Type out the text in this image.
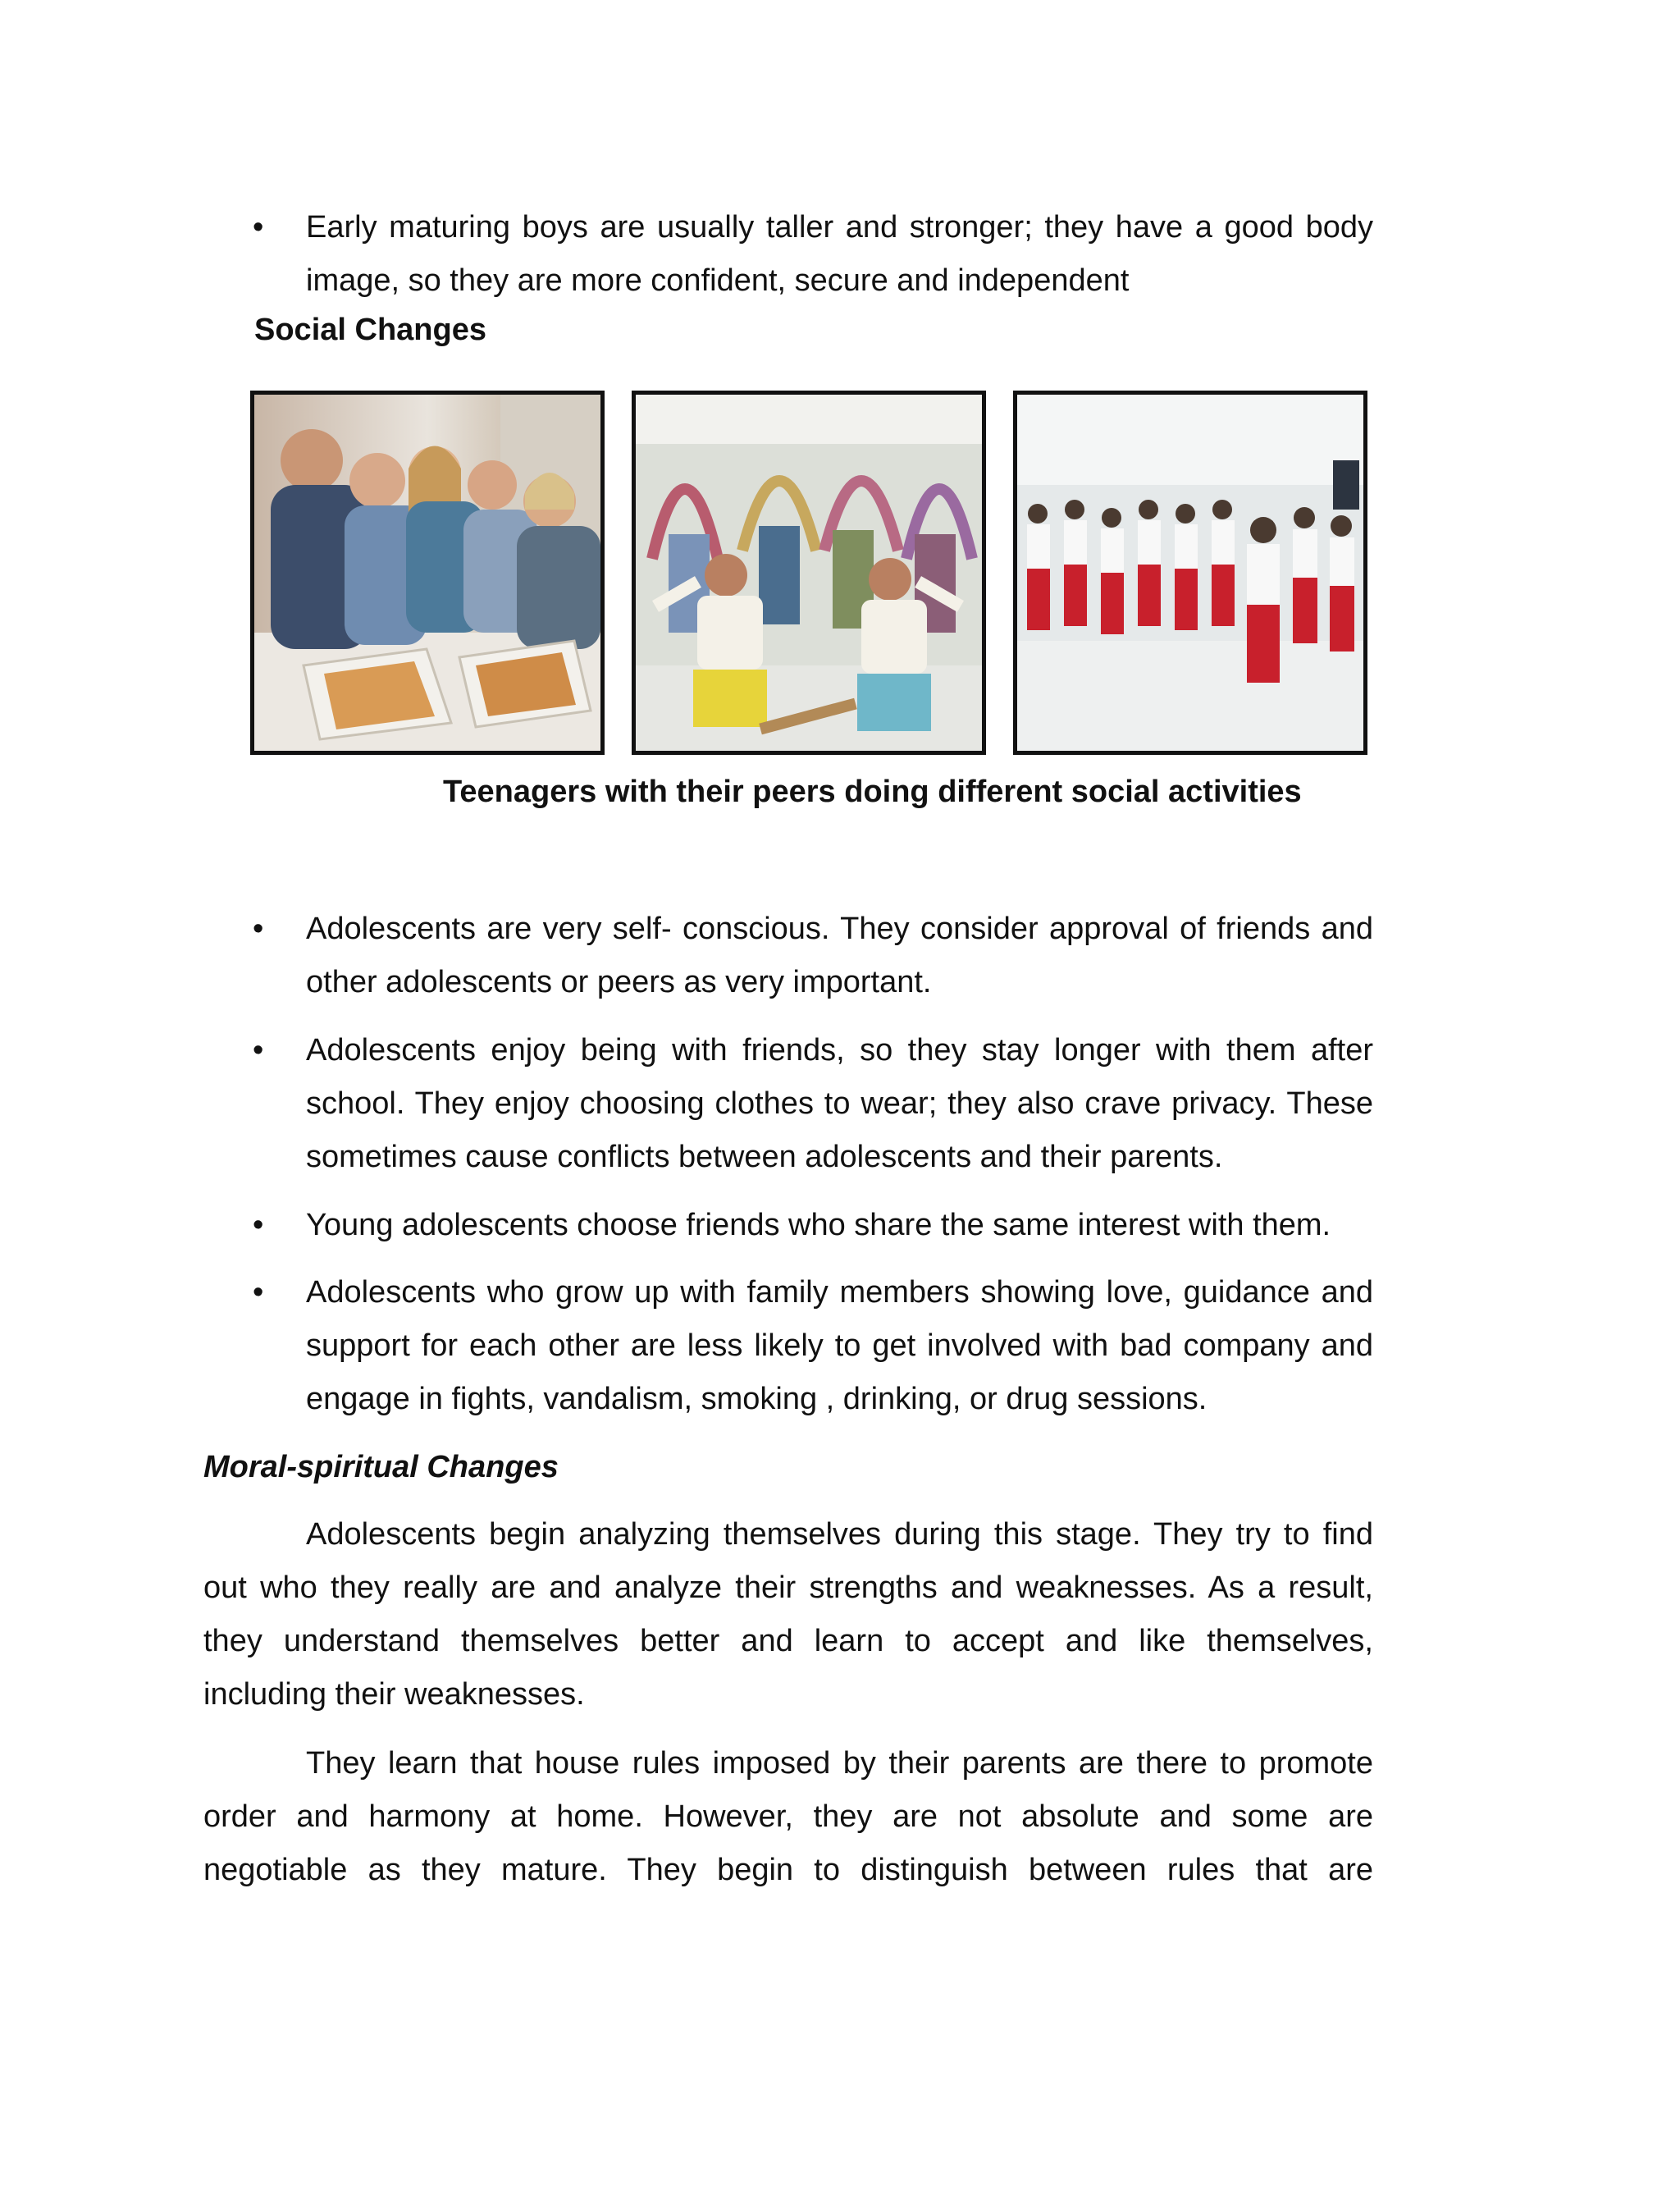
• Early maturing boys are usually taller and stronger; they have a good body image, so they are more confident, secure and independent
Social Changes
Teenagers with their peers doing different social activities
• Adolescents are very self- conscious. They consider approval of friends and other adolescents or peers as very important.
• Adolescents enjoy being with friends, so they stay longer with them after school. They enjoy choosing clothes to wear; they also crave privacy. These sometimes cause conflicts between adolescents and their parents.
• Young adolescents choose friends who share the same interest with them.
• Adolescents who grow up with family members showing love, guidance and support for each other are less likely to get involved with bad company and engage in fights, vandalism, smoking , drinking, or drug sessions.
Moral-spiritual Changes
Adolescents begin analyzing themselves during this stage. They try to find out who they really are and analyze their strengths and weaknesses. As a result, they understand themselves better and learn to accept and like themselves, including their weaknesses.
They learn that house rules imposed by their parents are there to promote order and harmony at home. However, they are not absolute and some are negotiable as they mature. They begin to distinguish between rules that are
